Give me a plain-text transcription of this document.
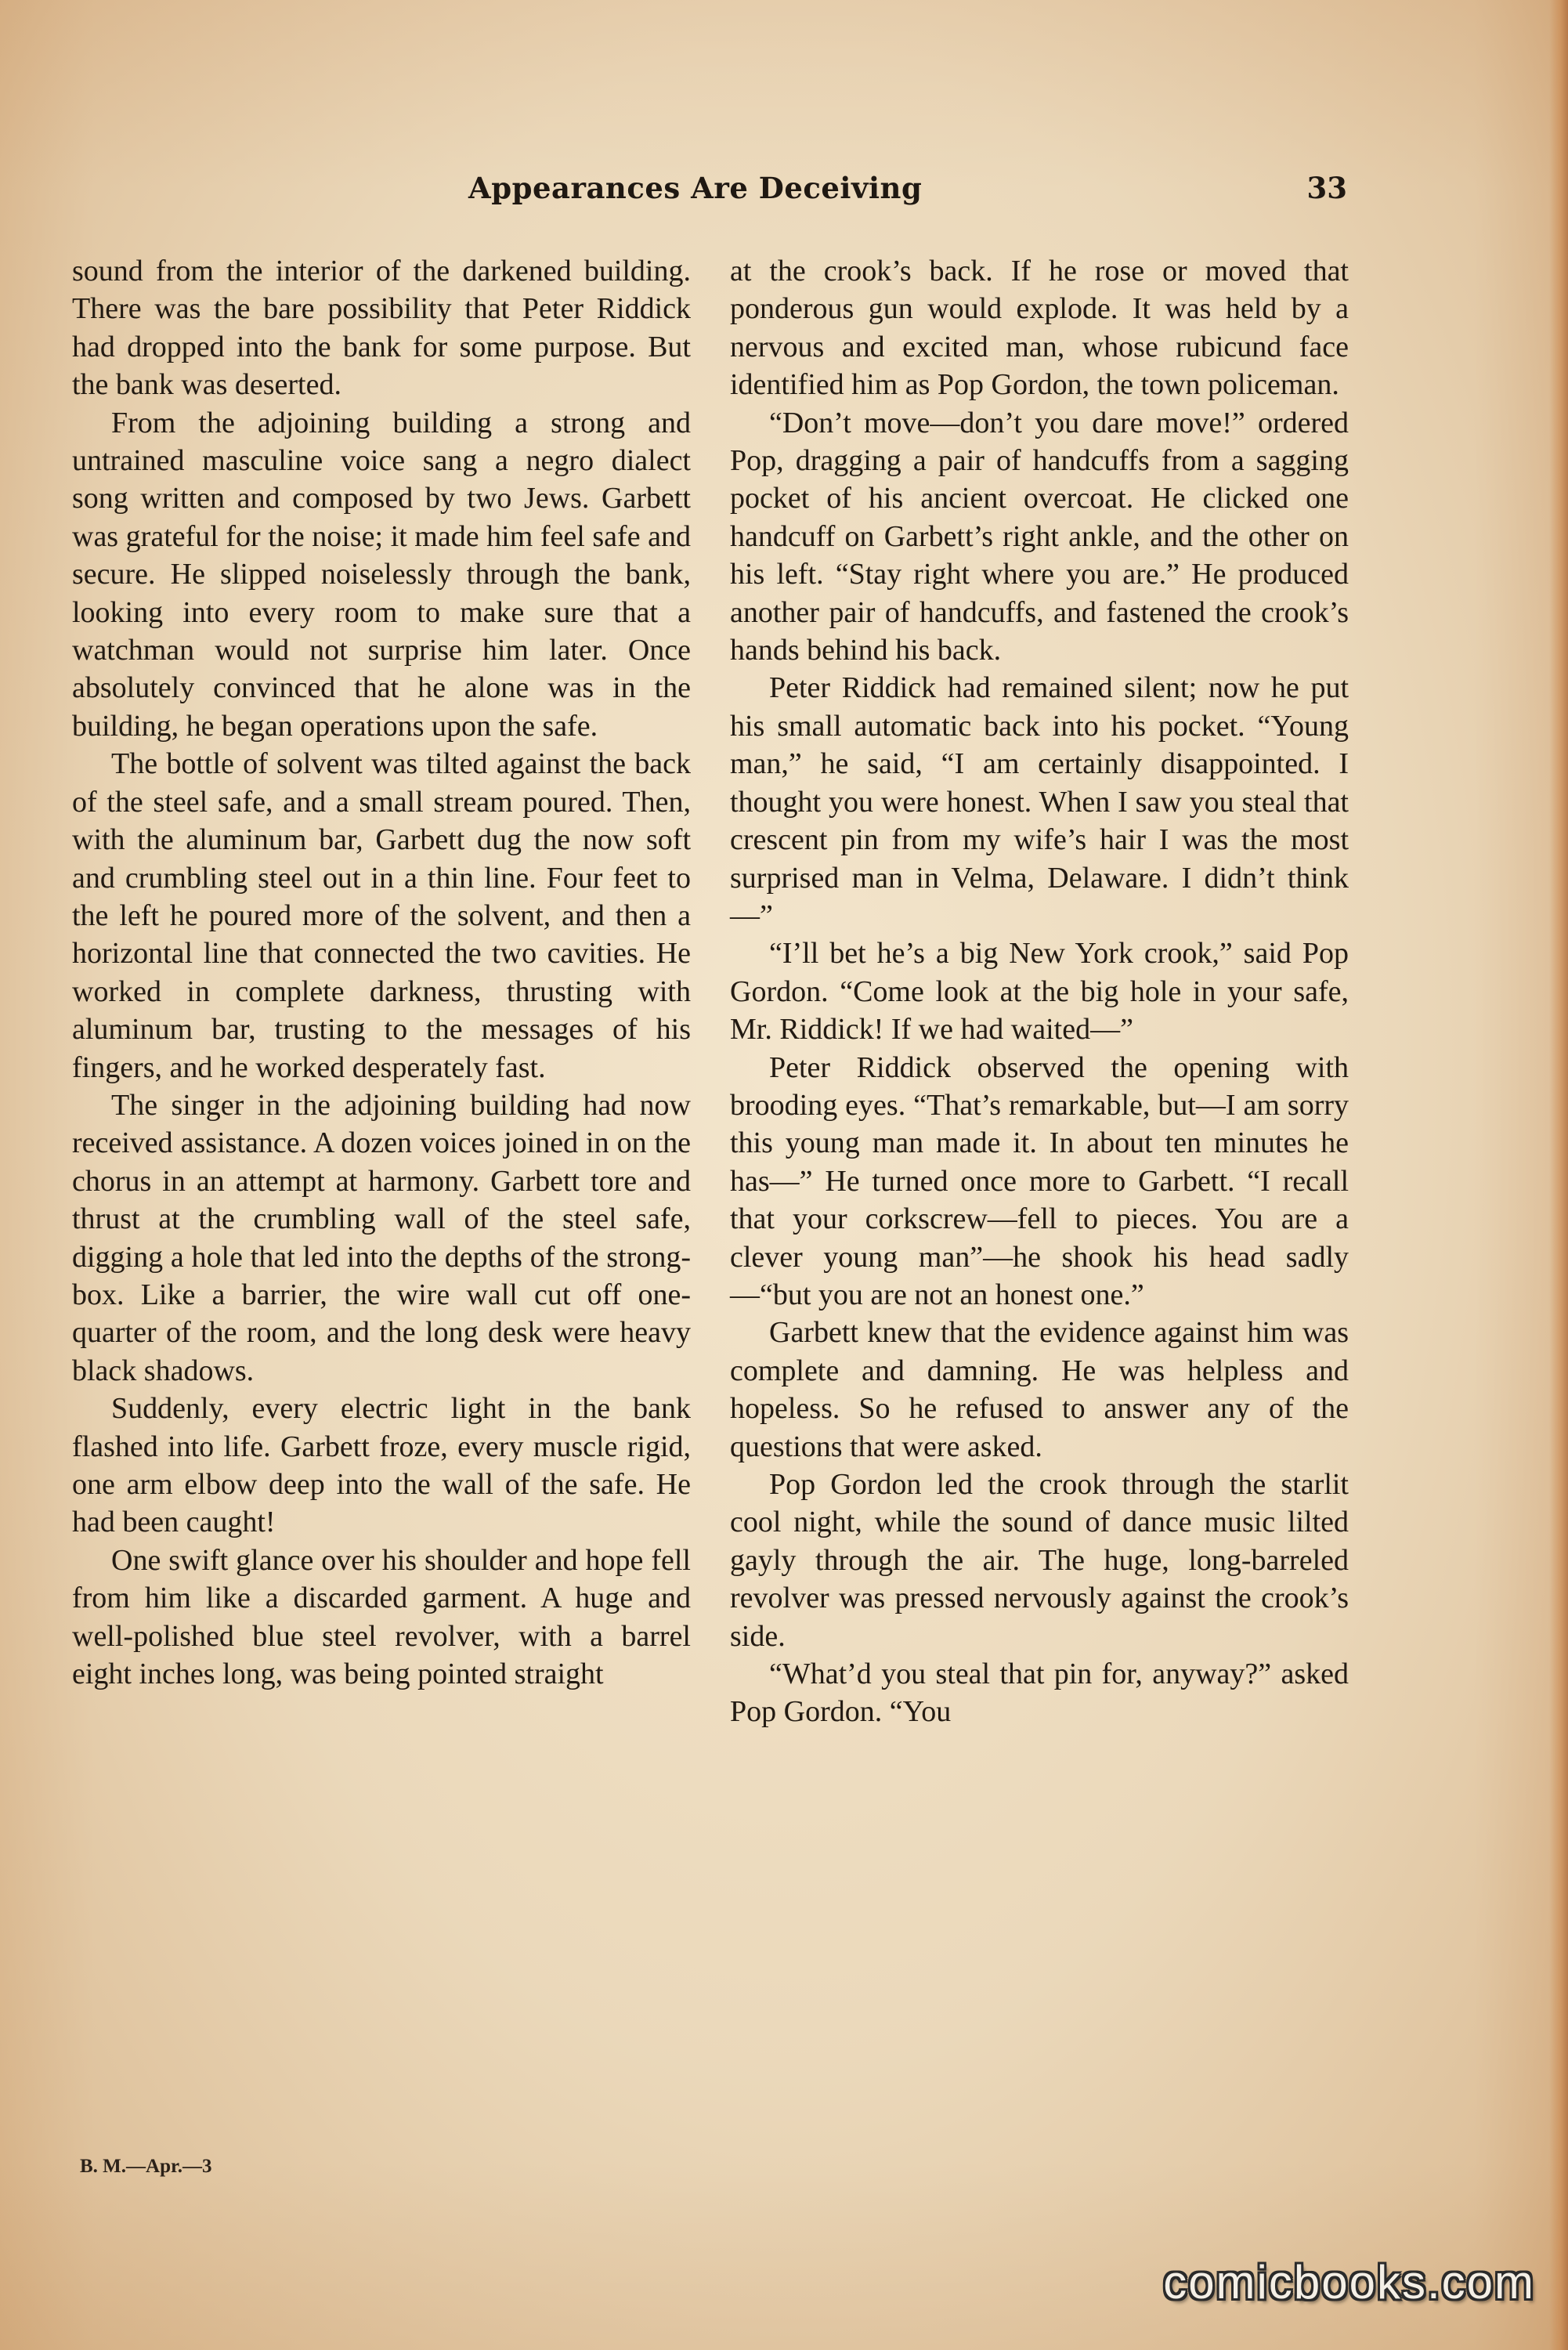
Appearances Are Deceiving	33

sound from the interior of the darkened building. There was the bare possibility that Peter Riddick had dropped into the bank for some purpose. But the bank was deserted.

From the adjoining building a strong and untrained masculine voice sang a negro dialect song written and composed by two Jews. Garbett was grateful for the noise; it made him feel safe and secure. He slipped noiselessly through the bank, looking into every room to make sure that a watchman would not surprise him later. Once absolutely convinced that he alone was in the building, he began operations upon the safe.

The bottle of solvent was tilted against the back of the steel safe, and a small stream poured. Then, with the aluminum bar, Garbett dug the now soft and crumbling steel out in a thin line. Four feet to the left he poured more of the solvent, and then a horizontal line that connected the two cavities. He worked in complete darkness, thrusting with aluminum bar, trusting to the messages of his fingers, and he worked desperately fast.

The singer in the adjoining building had now received assistance. A dozen voices joined in on the chorus in an attempt at harmony. Garbett tore and thrust at the crumbling wall of the steel safe, digging a hole that led into the depths of the strong-box. Like a barrier, the wire wall cut off one-quarter of the room, and the long desk were heavy black shadows.

Suddenly, every electric light in the bank flashed into life. Garbett froze, every muscle rigid, one arm elbow deep into the wall of the safe. He had been caught!

One swift glance over his shoulder and hope fell from him like a discarded garment. A huge and well-polished blue steel revolver, with a barrel eight inches long, was being pointed straight

at the crook’s back. If he rose or moved that ponderous gun would explode. It was held by a nervous and excited man, whose rubicund face identified him as Pop Gordon, the town policeman.

“Don’t move—don’t you dare move!” ordered Pop, dragging a pair of handcuffs from a sagging pocket of his ancient overcoat. He clicked one handcuff on Garbett’s right ankle, and the other on his left. “Stay right where you are.” He produced another pair of handcuffs, and fastened the crook’s hands behind his back.

Peter Riddick had remained silent; now he put his small automatic back into his pocket. “Young man,” he said, “I am certainly disappointed. I thought you were honest. When I saw you steal that crescent pin from my wife’s hair I was the most surprised man in Velma, Delaware. I didn’t think—”

“I’ll bet he’s a big New York crook,” said Pop Gordon. “Come look at the big hole in your safe, Mr. Riddick! If we had waited—”

Peter Riddick observed the opening with brooding eyes. “That’s remarkable, but—I am sorry this young man made it. In about ten minutes he has—” He turned once more to Garbett. “I recall that your corkscrew—fell to pieces. You are a clever young man”—he shook his head sadly—“but you are not an honest one.”

Garbett knew that the evidence against him was complete and damning. He was helpless and hopeless. So he refused to answer any of the questions that were asked.

Pop Gordon led the crook through the starlit cool night, while the sound of dance music lilted gayly through the air. The huge, long-barreled revolver was pressed nervously against the crook’s side.

“What’d you steal that pin for, anyway?” asked Pop Gordon. “You

B. M.—Apr.—3
comicbooks.com
